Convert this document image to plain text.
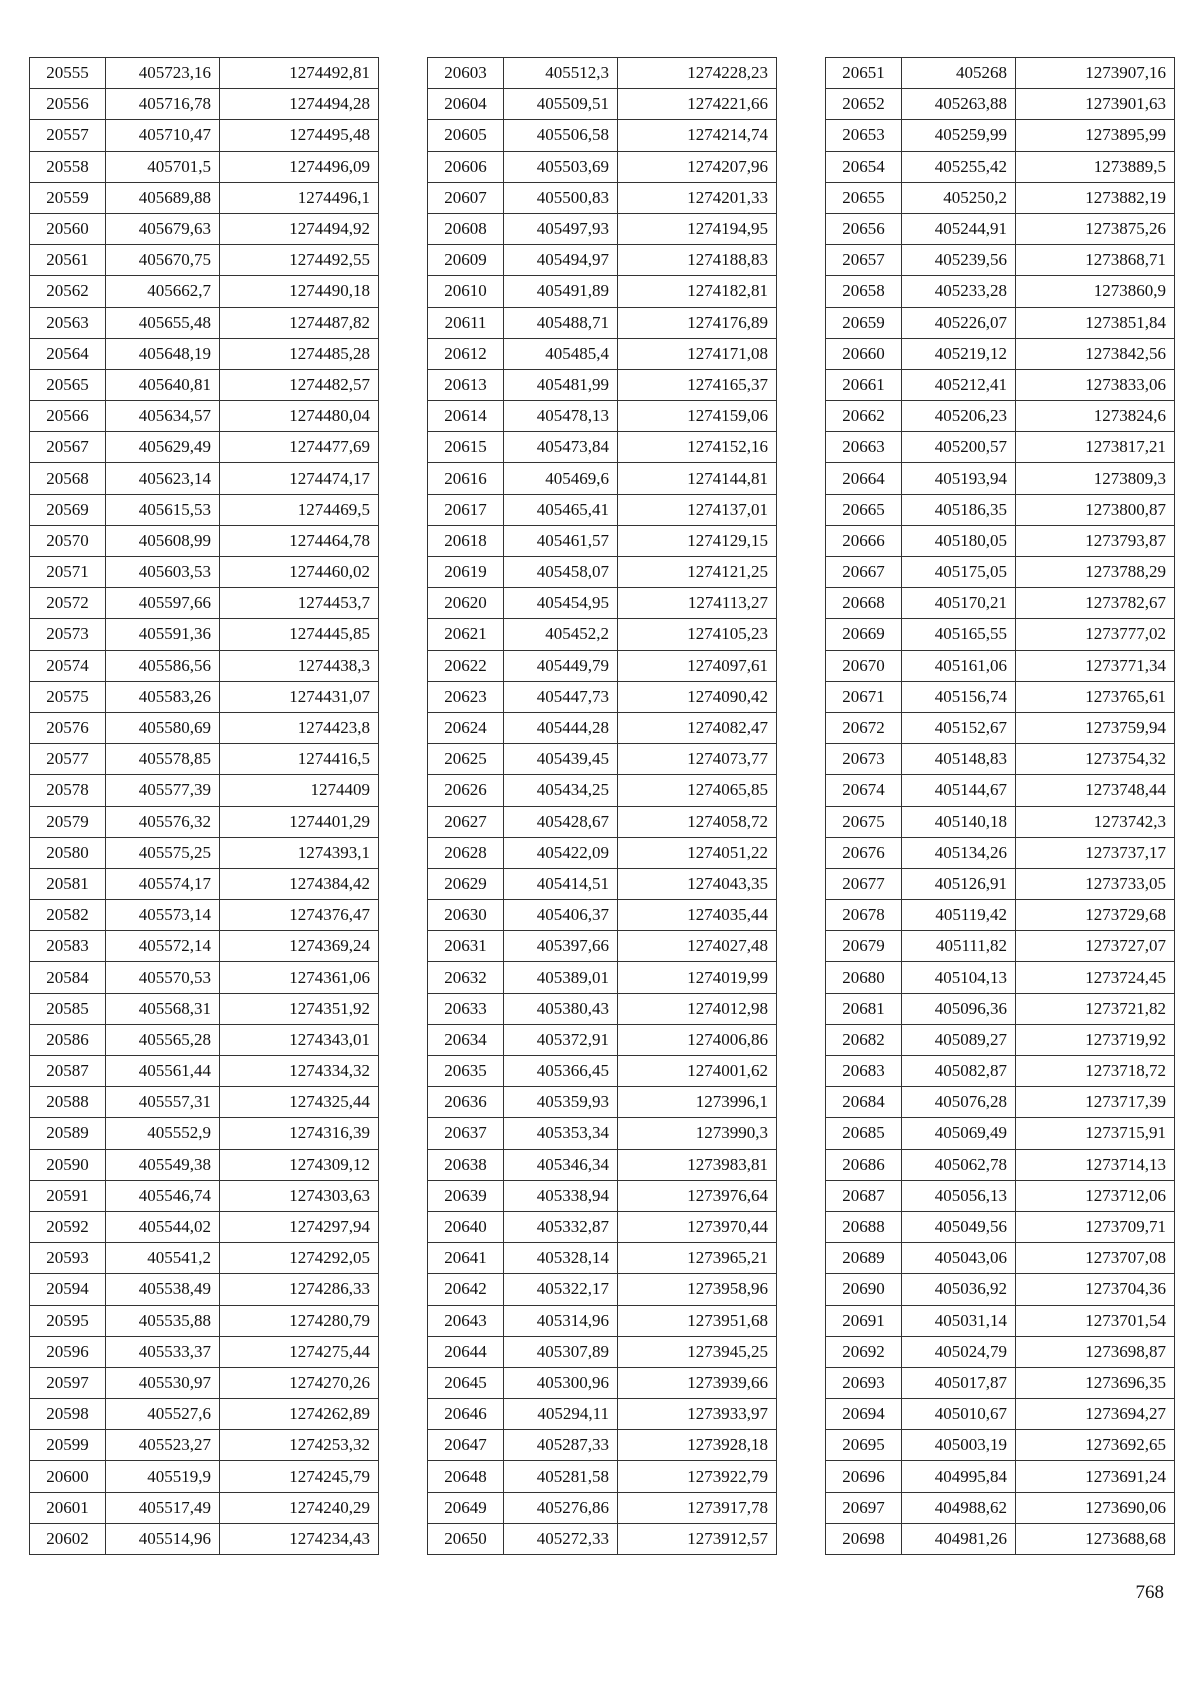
20555	405723,16	1274492,81
20556	405716,78	1274494,28
20557	405710,47	1274495,48
20558	405701,5	1274496,09
20559	405689,88	1274496,1
20560	405679,63	1274494,92
20561	405670,75	1274492,55
20562	405662,7	1274490,18
20563	405655,48	1274487,82
20564	405648,19	1274485,28
20565	405640,81	1274482,57
20566	405634,57	1274480,04
20567	405629,49	1274477,69
20568	405623,14	1274474,17
20569	405615,53	1274469,5
20570	405608,99	1274464,78
20571	405603,53	1274460,02
20572	405597,66	1274453,7
20573	405591,36	1274445,85
20574	405586,56	1274438,3
20575	405583,26	1274431,07
20576	405580,69	1274423,8
20577	405578,85	1274416,5
20578	405577,39	1274409
20579	405576,32	1274401,29
20580	405575,25	1274393,1
20581	405574,17	1274384,42
20582	405573,14	1274376,47
20583	405572,14	1274369,24
20584	405570,53	1274361,06
20585	405568,31	1274351,92
20586	405565,28	1274343,01
20587	405561,44	1274334,32
20588	405557,31	1274325,44
20589	405552,9	1274316,39
20590	405549,38	1274309,12
20591	405546,74	1274303,63
20592	405544,02	1274297,94
20593	405541,2	1274292,05
20594	405538,49	1274286,33
20595	405535,88	1274280,79
20596	405533,37	1274275,44
20597	405530,97	1274270,26
20598	405527,6	1274262,89
20599	405523,27	1274253,32
20600	405519,9	1274245,79
20601	405517,49	1274240,29
20602	405514,96	1274234,43
20603	405512,3	1274228,23
20604	405509,51	1274221,66
20605	405506,58	1274214,74
20606	405503,69	1274207,96
20607	405500,83	1274201,33
20608	405497,93	1274194,95
20609	405494,97	1274188,83
20610	405491,89	1274182,81
20611	405488,71	1274176,89
20612	405485,4	1274171,08
20613	405481,99	1274165,37
20614	405478,13	1274159,06
20615	405473,84	1274152,16
20616	405469,6	1274144,81
20617	405465,41	1274137,01
20618	405461,57	1274129,15
20619	405458,07	1274121,25
20620	405454,95	1274113,27
20621	405452,2	1274105,23
20622	405449,79	1274097,61
20623	405447,73	1274090,42
20624	405444,28	1274082,47
20625	405439,45	1274073,77
20626	405434,25	1274065,85
20627	405428,67	1274058,72
20628	405422,09	1274051,22
20629	405414,51	1274043,35
20630	405406,37	1274035,44
20631	405397,66	1274027,48
20632	405389,01	1274019,99
20633	405380,43	1274012,98
20634	405372,91	1274006,86
20635	405366,45	1274001,62
20636	405359,93	1273996,1
20637	405353,34	1273990,3
20638	405346,34	1273983,81
20639	405338,94	1273976,64
20640	405332,87	1273970,44
20641	405328,14	1273965,21
20642	405322,17	1273958,96
20643	405314,96	1273951,68
20644	405307,89	1273945,25
20645	405300,96	1273939,66
20646	405294,11	1273933,97
20647	405287,33	1273928,18
20648	405281,58	1273922,79
20649	405276,86	1273917,78
20650	405272,33	1273912,57
20651	405268	1273907,16
20652	405263,88	1273901,63
20653	405259,99	1273895,99
20654	405255,42	1273889,5
20655	405250,2	1273882,19
20656	405244,91	1273875,26
20657	405239,56	1273868,71
20658	405233,28	1273860,9
20659	405226,07	1273851,84
20660	405219,12	1273842,56
20661	405212,41	1273833,06
20662	405206,23	1273824,6
20663	405200,57	1273817,21
20664	405193,94	1273809,3
20665	405186,35	1273800,87
20666	405180,05	1273793,87
20667	405175,05	1273788,29
20668	405170,21	1273782,67
20669	405165,55	1273777,02
20670	405161,06	1273771,34
20671	405156,74	1273765,61
20672	405152,67	1273759,94
20673	405148,83	1273754,32
20674	405144,67	1273748,44
20675	405140,18	1273742,3
20676	405134,26	1273737,17
20677	405126,91	1273733,05
20678	405119,42	1273729,68
20679	405111,82	1273727,07
20680	405104,13	1273724,45
20681	405096,36	1273721,82
20682	405089,27	1273719,92
20683	405082,87	1273718,72
20684	405076,28	1273717,39
20685	405069,49	1273715,91
20686	405062,78	1273714,13
20687	405056,13	1273712,06
20688	405049,56	1273709,71
20689	405043,06	1273707,08
20690	405036,92	1273704,36
20691	405031,14	1273701,54
20692	405024,79	1273698,87
20693	405017,87	1273696,35
20694	405010,67	1273694,27
20695	405003,19	1273692,65
20696	404995,84	1273691,24
20697	404988,62	1273690,06
20698	404981,26	1273688,68
768
